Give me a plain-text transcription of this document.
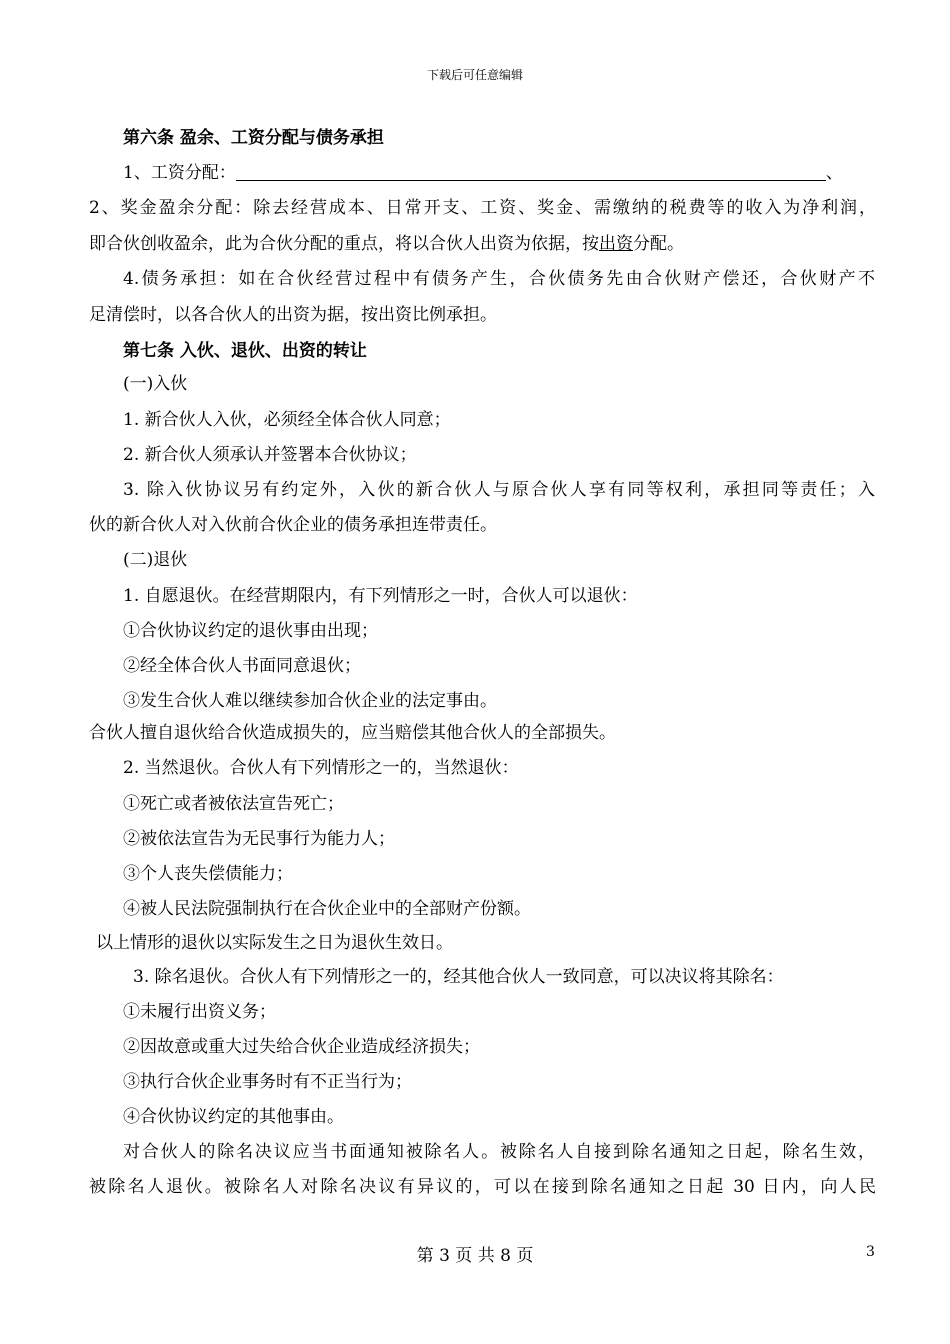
下载后可任意编辑
第六条 盈余、工资分配与债务承担
1、工资分配：	、
2、奖金盈余分配：除去经营成本、日常开支、工资、奖金、需缴纳的税费等的收入为净利润，
即合伙创收盈余，此为合伙分配的重点，将以合伙人出资为依据，按出资分配。
4.债务承担：如在合伙经营过程中有债务产生，合伙债务先由合伙财产偿还，合伙财产不
足清偿时，以各合伙人的出资为据，按出资比例承担。
第七条 入伙、退伙、出资的转让
(一)入伙
1. 新合伙人入伙，必须经全体合伙人同意；
2. 新合伙人须承认并签署本合伙协议；
3. 除入伙协议另有约定外，入伙的新合伙人与原合伙人享有同等权利，承担同等责任；入
伙的新合伙人对入伙前合伙企业的债务承担连带责任。
(二)退伙
1. 自愿退伙。在经营期限内，有下列情形之一时，合伙人可以退伙：
①合伙协议约定的退伙事由出现；
②经全体合伙人书面同意退伙；
③发生合伙人难以继续参加合伙企业的法定事由。
合伙人擅自退伙给合伙造成损失的，应当赔偿其他合伙人的全部损失。
2. 当然退伙。合伙人有下列情形之一的，当然退伙：
①死亡或者被依法宣告死亡；
②被依法宣告为无民事行为能力人；
③个人丧失偿债能力；
④被人民法院强制执行在合伙企业中的全部财产份额。
以上情形的退伙以实际发生之日为退伙生效日。
3. 除名退伙。合伙人有下列情形之一的，经其他合伙人一致同意，可以决议将其除名：
①未履行出资义务；
②因故意或重大过失给合伙企业造成经济损失；
③执行合伙企业事务时有不正当行为；
④合伙协议约定的其他事由。
对合伙人的除名决议应当书面通知被除名人。被除名人自接到除名通知之日起，除名生效，
被除名人退伙。被除名人对除名决议有异议的，可以在接到除名通知之日起 30 日内，向人民
第 3 页 共 8 页	3
